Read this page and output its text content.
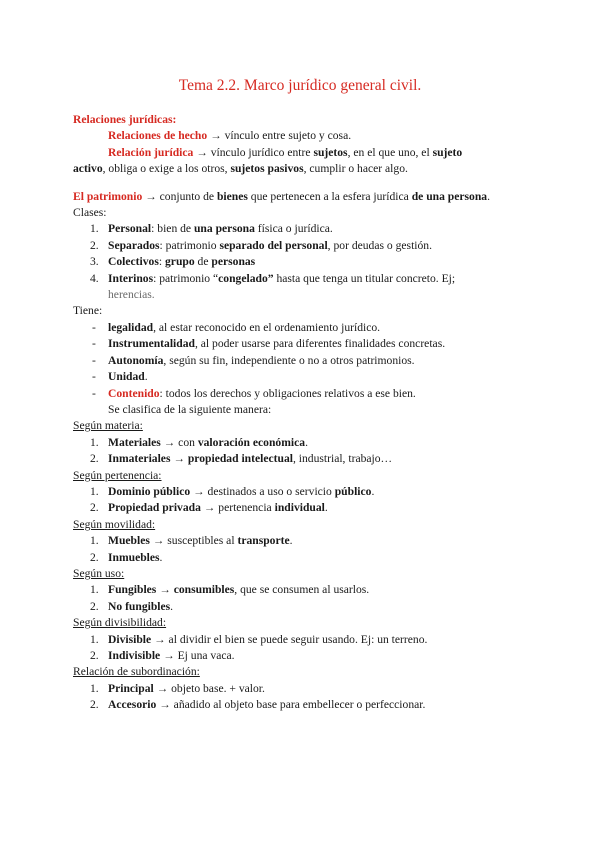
Tema 2.2. Marco jurídico general civil.
Relaciones jurídicas:
Relaciones de hecho → vínculo entre sujeto y cosa.
Relación jurídica → vínculo jurídico entre sujetos, en el que uno, el sujeto
activo, obliga o exige a los otros, sujetos pasivos, cumplir o hacer algo.
El patrimonio → conjunto de bienes que pertenecen a la esfera jurídica de una persona.
Clases:
1. Personal: bien de una persona física o jurídica.
2. Separados: patrimonio separado del personal, por deudas o gestión.
3. Colectivos: grupo de personas
4. Interinos: patrimonio “congelado” hasta que tenga un titular concreto. Ej;
herencias.
Tiene:
- legalidad, al estar reconocido en el ordenamiento jurídico.
- Instrumentalidad, al poder usarse para diferentes finalidades concretas.
- Autonomía, según su fin, independiente o no a otros patrimonios.
- Unidad.
- Contenido: todos los derechos y obligaciones relativos a ese bien.
Se clasifica de la siguiente manera:
Según materia:
1. Materiales → con valoración económica.
2. Inmateriales → propiedad intelectual, industrial, trabajo…
Según pertenencia:
1. Dominio público → destinados a uso o servicio público.
2. Propiedad privada → pertenencia individual.
Según movilidad:
1. Muebles → susceptibles al transporte.
2. Inmuebles.
Según uso:
1. Fungibles → consumibles, que se consumen al usarlos.
2. No fungibles.
Según divisibilidad:
1. Divisible → al dividir el bien se puede seguir usando. Ej: un terreno.
2. Indivisible → Ej una vaca.
Relación de subordinación:
1. Principal → objeto base. + valor.
2. Accesorio → añadido al objeto base para embellecer o perfeccionar.
